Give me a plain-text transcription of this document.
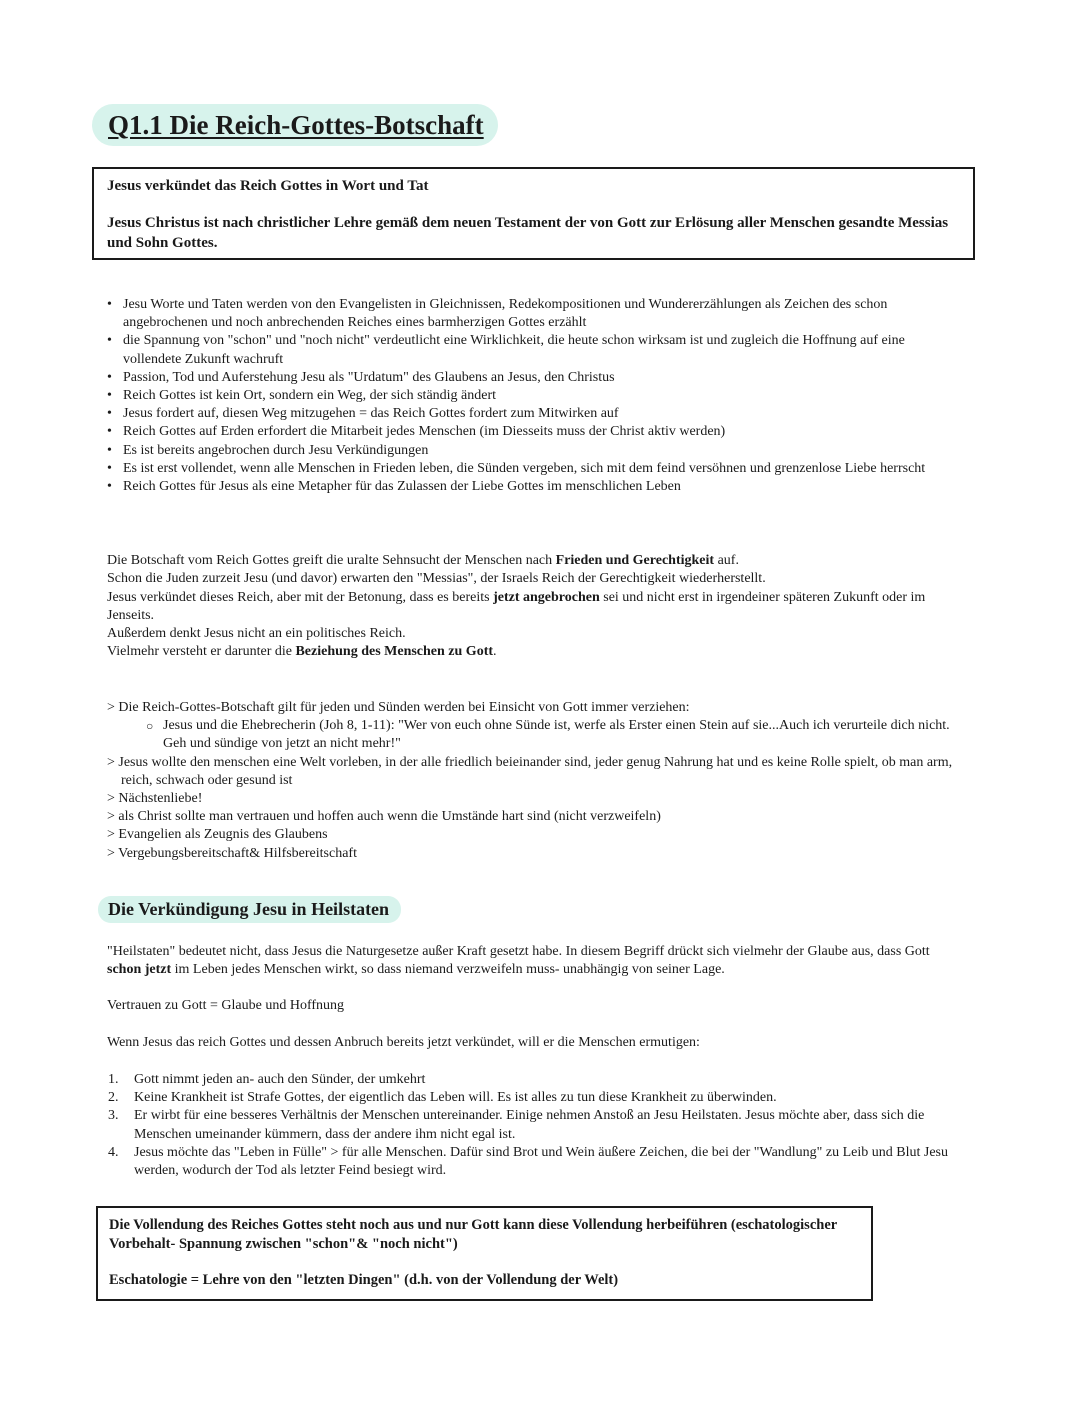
Q1.1 Die Reich-Gottes-Botschaft
Jesus verkündet das Reich Gottes in Wort und Tat
Jesus Christus ist nach christlicher Lehre gemäß dem neuen Testament der von Gott zur Erlösung aller Menschen gesandte Messias und Sohn Gottes.
• Jesu Worte und Taten werden von den Evangelisten in Gleichnissen, Redekompositionen und Wundererzählungen als Zeichen des schon angebrochenen und noch anbrechenden Reiches eines barmherzigen Gottes erzählt
• die Spannung von "schon" und "noch nicht" verdeutlicht eine Wirklichkeit, die heute schon wirksam ist und zugleich die Hoffnung auf eine vollendete Zukunft wachruft
• Passion, Tod und Auferstehung Jesu als "Urdatum" des Glaubens an Jesus, den Christus
• Reich Gottes ist kein Ort, sondern ein Weg, der sich ständig ändert
• Jesus fordert auf, diesen Weg mitzugehen = das Reich Gottes fordert zum Mitwirken auf
• Reich Gottes auf Erden erfordert die Mitarbeit jedes Menschen (im Diesseits muss der Christ aktiv werden)
• Es ist bereits angebrochen durch Jesu Verkündigungen
• Es ist erst vollendet, wenn alle Menschen in Frieden leben, die Sünden vergeben, sich mit dem feind versöhnen und grenzenlose Liebe herrscht
• Reich Gottes für Jesus als eine Metapher für das Zulassen der Liebe Gottes im menschlichen Leben

Die Botschaft vom Reich Gottes greift die uralte Sehnsucht der Menschen nach Frieden und Gerechtigkeit auf.

Schon die Juden zurzeit Jesu (und davor) erwarten den "Messias", der Israels Reich der Gerechtigkeit wiederherstellt.

Jesus verkündet dieses Reich, aber mit der Betonung, dass es bereits jetzt angebrochen sei und nicht erst in irgendeiner späteren Zukunft oder im Jenseits.

Außerdem denkt Jesus nicht an ein politisches Reich.

Vielmehr versteht er darunter die Beziehung des Menschen zu Gott.

> Die Reich-Gottes-Botschaft gilt für jeden und Sünden werden bei Einsicht von Gott immer verziehen:
○ Jesus und die Ehebrecherin (Joh 8, 1-11): "Wer von euch ohne Sünde ist, werfe als Erster einen Stein auf sie...Auch ich verurteile dich nicht. Geh und sündige von jetzt an nicht mehr!"
> Jesus wollte den menschen eine Welt vorleben, in der alle friedlich beieinander sind, jeder genug Nahrung hat und es keine Rolle spielt, ob man arm, reich, schwach oder gesund ist
> Nächstenliebe!
> als Christ sollte man vertrauen und hoffen auch wenn die Umstände hart sind (nicht verzweifeln)
> Evangelien als Zeugnis des Glaubens
> Vergebungsbereitschaft& Hilfsbereitschaft
Die Verkündigung Jesu in Heilstaten
"Heilstaten" bedeutet nicht, dass Jesus die Naturgesetze außer Kraft gesetzt habe. In diesem Begriff drückt sich vielmehr der Glaube aus, dass Gott schon jetzt im Leben jedes Menschen wirkt, so dass niemand verzweifeln muss- unabhängig von seiner Lage.
Vertrauen zu Gott = Glaube und Hoffnung
Wenn Jesus das reich Gottes und dessen Anbruch bereits jetzt verkündet, will er die Menschen ermutigen:
1. Gott nimmt jeden an- auch den Sünder, der umkehrt
2. Keine Krankheit ist Strafe Gottes, der eigentlich das Leben will. Es ist alles zu tun diese Krankheit zu überwinden.
3. Er wirbt für eine besseres Verhältnis der Menschen untereinander. Einige nehmen Anstoß an Jesu Heilstaten. Jesus möchte aber, dass sich die Menschen umeinander kümmern, dass der andere ihm nicht egal ist.
4. Jesus möchte das "Leben in Fülle" > für alle Menschen. Dafür sind Brot und Wein äußere Zeichen, die bei der "Wandlung" zu Leib und Blut Jesu werden, wodurch der Tod als letzter Feind besiegt wird.
Die Vollendung des Reiches Gottes steht noch aus und nur Gott kann diese Vollendung herbeiführen (eschatologischer Vorbehalt- Spannung zwischen "schon"& "noch nicht")
Eschatologie = Lehre von den "letzten Dingen" (d.h. von der Vollendung der Welt)
